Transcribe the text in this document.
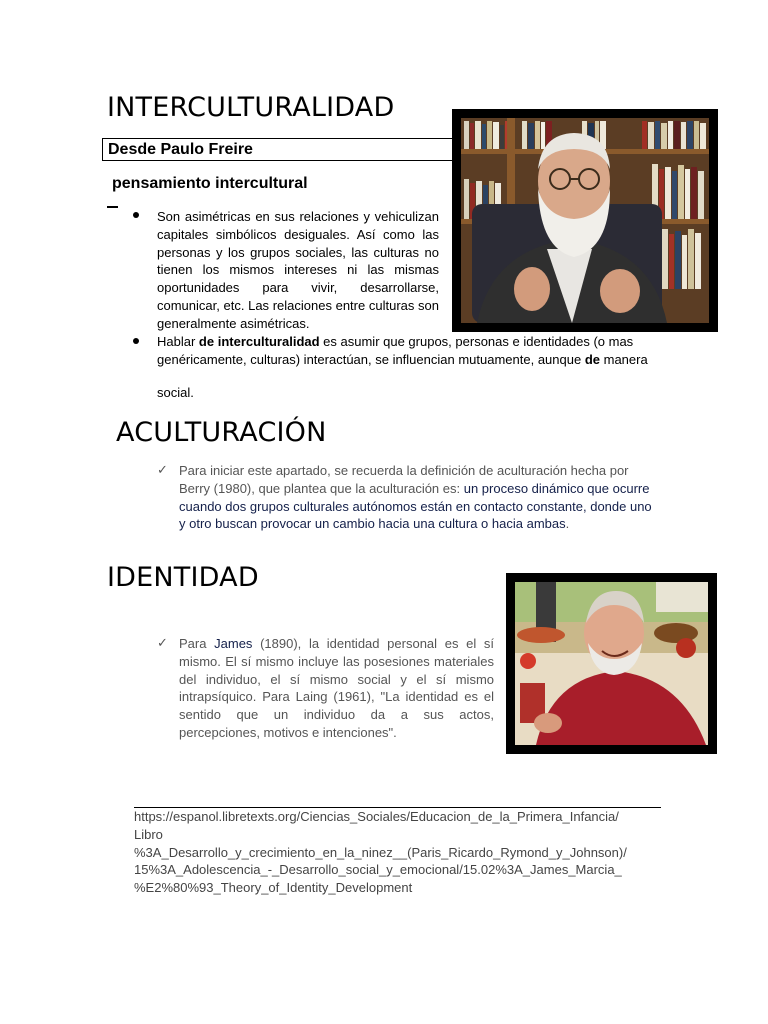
INTERCULTURALIDAD
Desde Paulo Freire
pensamiento intercultural
Son asimétricas en sus relaciones y vehiculizan capitales simbólicos desiguales. Así como las personas y los grupos sociales, las culturas no tienen los mismos intereses ni las mismas oportunidades para vivir, desarrollarse, comunicar, etc. Las relaciones entre culturas son generalmente asimétricas.
Hablar de interculturalidad es asumir que grupos, personas e identidades (o mas genéricamente, culturas) interactúan, se influencian mutuamente, aunque de manera
social.
ACULTURACIÓN
✓ Para iniciar este apartado, se recuerda la definición de aculturación hecha por Berry (1980), que plantea que la aculturación es: un proceso dinámico que ocurre cuando dos grupos culturales autónomos están en contacto constante, donde uno y otro buscan provocar un cambio hacia una cultura o hacia ambas.
IDENTIDAD
✓ Para James (1890), la identidad personal es el sí mismo. El sí mismo incluye las posesiones materiales del individuo, el sí mismo social y el sí mismo intrapsíquico. Para Laing (1961), "La identidad es el sentido que un individuo da a sus actos, percepciones, motivos e intenciones".
https://espanol.libretexts.org/Ciencias_Sociales/Educacion_de_la_Primera_Infancia/
Libro
%3A_Desarrollo_y_crecimiento_en_la_ninez__(Paris_Ricardo_Rymond_y_Johnson)/
15%3A_Adolescencia_-_Desarrollo_social_y_emocional/15.02%3A_James_Marcia_
%E2%80%93_Theory_of_Identity_Development
